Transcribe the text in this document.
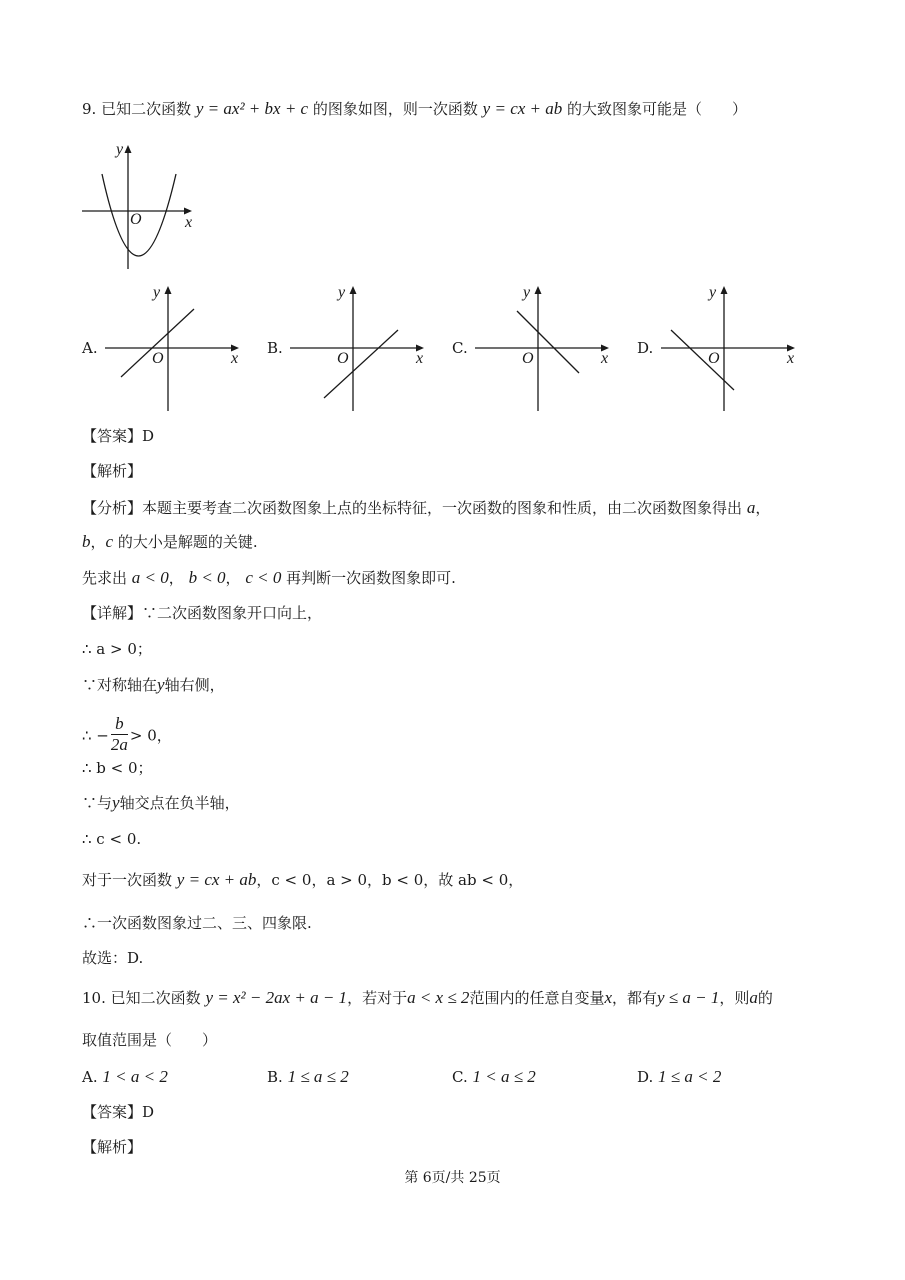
9. 已知二次函数 y = ax² + bx + c 的图象如图，则一次函数 y = cx + ab 的大致图象可能是（　　）
y
x
O
A.
y
x
O
B.
y
x
O
C.
y
x
O
D.
y
x
O
【答案】D
【解析】
【分析】本题主要考查二次函数图象上点的坐标特征，一次函数的图象和性质，由二次函数图象得出 a，
b，c 的大小是解题的关键.
先求出 a < 0， b < 0， c < 0 再判断一次函数图象即可.
【详解】∵二次函数图象开口向上，
∴ a > 0；
∵对称轴在y轴右侧，
∴ − $\frac{b}{2a} > 0$，
∴ b < 0；
∵与y轴交点在负半轴，
∴ c < 0.
对于一次函数 y = cx + ab，c < 0，a > 0，b < 0，故 ab < 0，
∴一次函数图象过二、三、四象限.
故选：D.
10. 已知二次函数 y = x² − 2ax + a − 1，若对于a < x ≤ 2范围内的任意自变量x，都有y ≤ a − 1，则a的
取值范围是（　　）
A. 1 < a < 2	B. 1 ≤ a ≤ 2	C. 1 < a ≤ 2	D. 1 ≤ a < 2
【答案】D
【解析】
第 6页/共 25页
